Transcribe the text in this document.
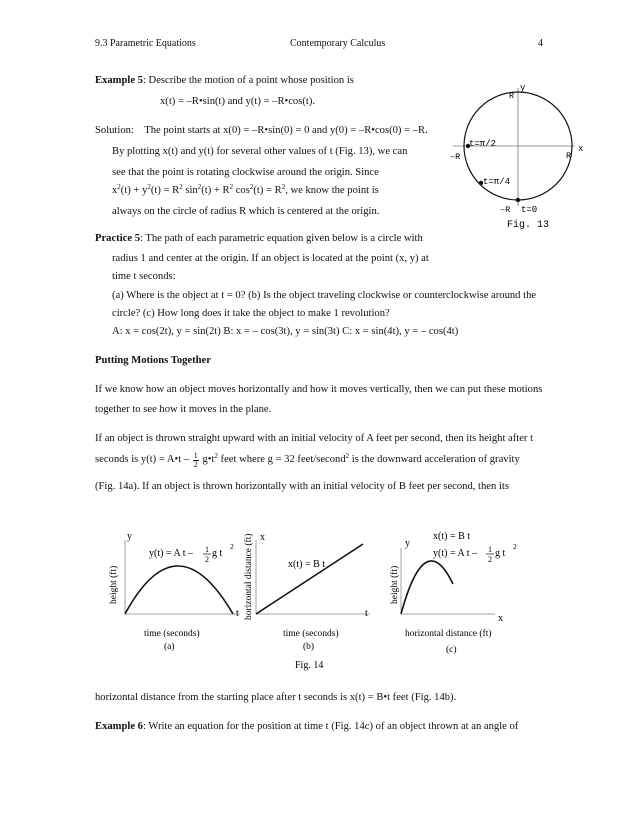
9.3 Parametric Equations	Contemporary Calculus	4
Example 5: Describe the motion of a point whose position is
x(t) = –R•sin(t) and y(t) = –R•cos(t).
Solution: The point starts at x(0) = –R•sin(0) = 0 and y(0) = –R•cos(0) = –R.
By plotting x(t) and y(t) for several other values of t (Fig. 13), we can
see that the point is rotating clockwise around the origin. Since
$x^2(t) + y^2(t) = R^2$ $\sin^2(t) + R^2$ $\cos^2(t) = R^2$, we know the point is
always on the circle of radius R which is centered at the origin.
y
x
R
R
–R
–R
t=π/2
t=π/4
t=0
Fig. 13
Practice 5: The path of each parametric equation given below is a circle with
radius 1 and center at the origin. If an object is located at the point (x, y) at
time t seconds:
(a) Where is the object at t = 0? (b) Is the object traveling clockwise or counterclockwise around the
circle? (c) How long does it take the object to make 1 revolution?
A: x = cos(2t), y = sin(2t) B: x = – cos(3t), y = sin(3t) C: x = sin(4t), y = – cos(4t)
Putting Motions Together
If we know how an object moves horizontally and how it moves vertically, then we can put these motions
together to see how it moves in the plane.
If an object is thrown straight upward with an initial velocity of A feet per second, then its height after t
seconds is y(t) = A•t – $\frac{1}{2}$ $g•t^2$ feet where g = 32 feet/second$^2$ is the downward acceleration of gravity
(Fig. 14a). If an object is thrown horizontally with an initial velocity of B feet per second, then its
y
t
y(t) = A t – 1
2
g t
2
height (ft)
time (seconds)
(a)
x
t
x(t) = B t
horizontal distance (ft)
time (seconds)
(b)
y
x
x(t) = B t
y(t) = A t – 1
2
g t
2
height (ft)
horizontal distance (ft)
(c)
Fig. 14
horizontal distance from the starting place after t seconds is x(t) = B•t feet (Fig. 14b).
Example 6: Write an equation for the position at time t (Fig. 14c) of an object thrown at an angle of
